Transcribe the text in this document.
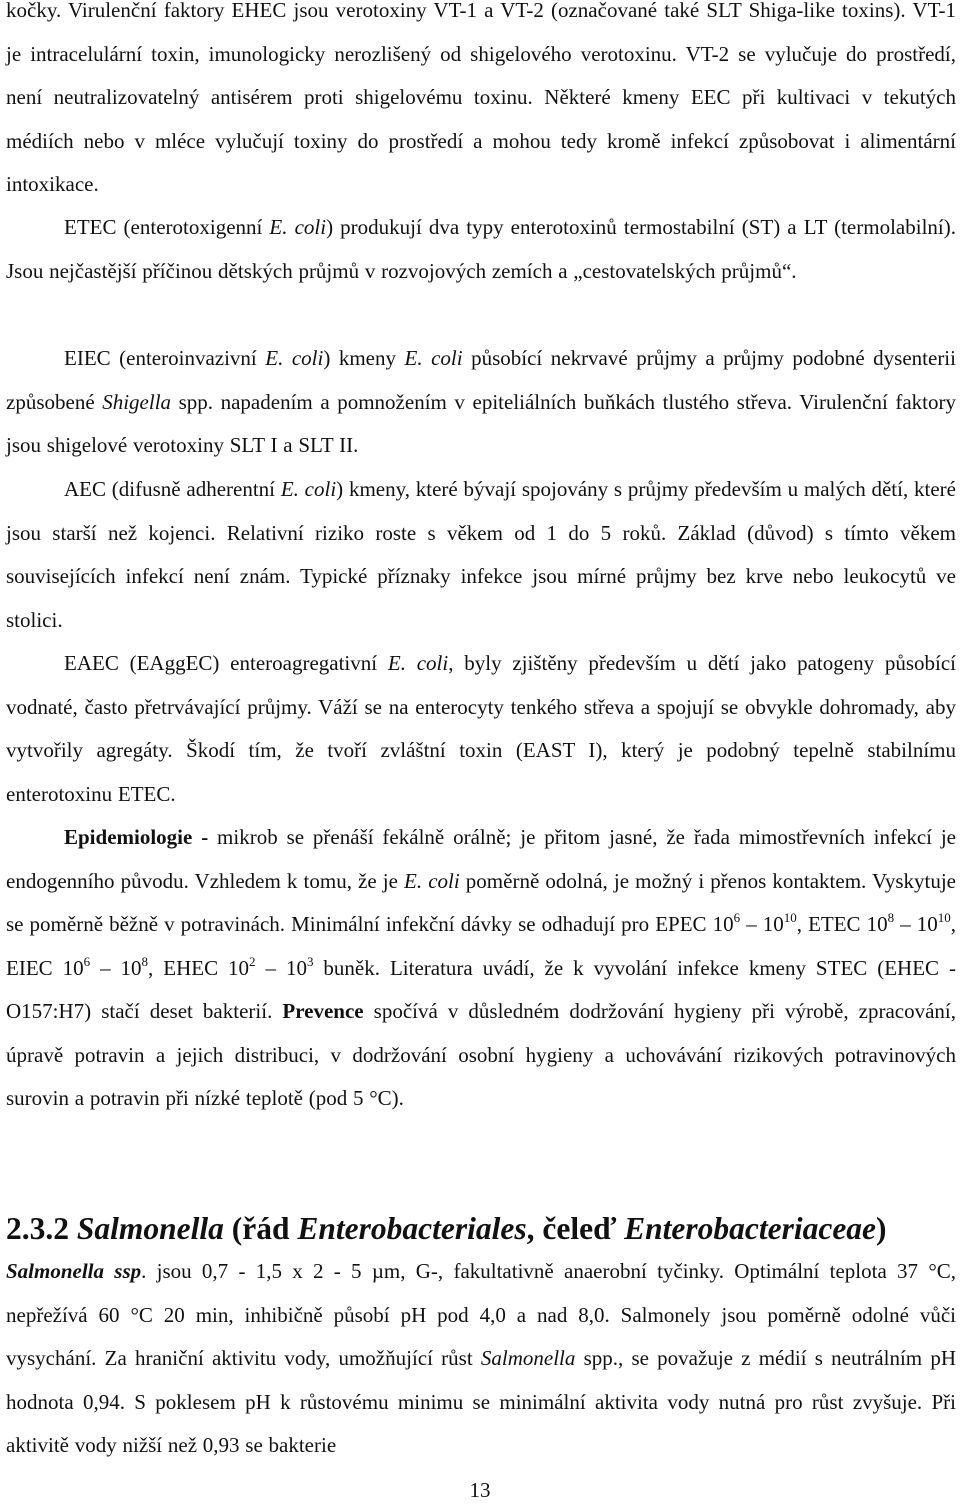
kočky. Virulenční faktory EHEC jsou verotoxiny VT-1 a VT-2 (označované také SLT Shiga-like toxins). VT-1 je intracelulární toxin, imunologicky nerozlišený od shigelového verotoxinu. VT-2 se vylučuje do prostředí, není neutralizovatelný antisérem proti shigelovému toxinu. Některé kmeny EEC při kultivaci v tekutých médiích nebo v mléce vylučují toxiny do prostředí a mohou tedy kromě infekcí způsobovat i alimentární intoxikace.

ETEC (enterotoxigenní E. coli) produkují dva typy enterotoxinů termostabilní (ST) a LT (termolabilní). Jsou nejčastější příčinou dětských průjmů v rozvojových zemích a „cestovatelských průjmů“.

EIEC (enteroinvazivní E. coli) kmeny E. coli působící nekrvavé průjmy a průjmy podobné dysenterii způsobené Shigella spp. napadením a pomnožením v epiteliálních buňkách tlustého střeva. Virulenční faktory jsou shigelové verotoxiny SLT I a SLT II.

AEC (difusně adherentní E. coli) kmeny, které bývají spojovány s průjmy především u malých dětí, které jsou starší než kojenci. Relativní riziko roste s věkem od 1 do 5 roků. Základ (důvod) s tímto věkem souvisejících infekcí není znám. Typické příznaky infekce jsou mírné průjmy bez krve nebo leukocytů ve stolici.

EAEC (EAggEC) enteroagregativní E. coli, byly zjištěny především u dětí jako patogeny působící vodnaté, často přetrvávající průjmy. Váží se na enterocyty tenkého střeva a spojují se obvykle dohromady, aby vytvořily agregáty. Škodí tím, že tvoří zvláštní toxin (EAST I), který je podobný tepelně stabilnímu enterotoxinu ETEC.

Epidemiologie - mikrob se přenáší fekálně orálně; je přitom jasné, že řada mimostřevních infekcí je endogenního původu. Vzhledem k tomu, že je E. coli poměrně odolná, je možný i přenos kontaktem. Vyskytuje se poměrně běžně v potravinách. Minimální infekční dávky se odhadují pro EPEC $10^6 - 10^{10}$, ETEC $10^8 - 10^{10}$, EIEC $10^6 - 10^8$, EHEC $10^2 - 10^3$ buněk. Literatura uvádí, že k vyvolání infekce kmeny STEC (EHEC - O157:H7) stačí deset bakterií. Prevence spočívá v důsledném dodržování hygieny při výrobě, zpracování, úpravě potravin a jejich distribuci, v dodržování osobní hygieny a uchovávání rizikových potravinových surovin a potravin při nízké teplotě (pod 5 °C).

2.3.2 Salmonella (řád Enterobacteriales, čeleď Enterobacteriaceae)

Salmonella ssp. jsou 0,7 - 1,5 x 2 - 5 µm, G-, fakultativně anaerobní tyčinky. Optimální teplota 37 °C, nepřežívá 60 °C 20 min, inhibičně působí pH pod 4,0 a nad 8,0. Salmonely jsou poměrně odolné vůči vysychání. Za hraniční aktivitu vody, umožňující růst Salmonella spp., se považuje z médií s neutrálním pH hodnota 0,94. S poklesem pH k růstovému minimu se minimální aktivita vody nutná pro růst zvyšuje. Při aktivitě vody nižší než 0,93 se bakterie

13
